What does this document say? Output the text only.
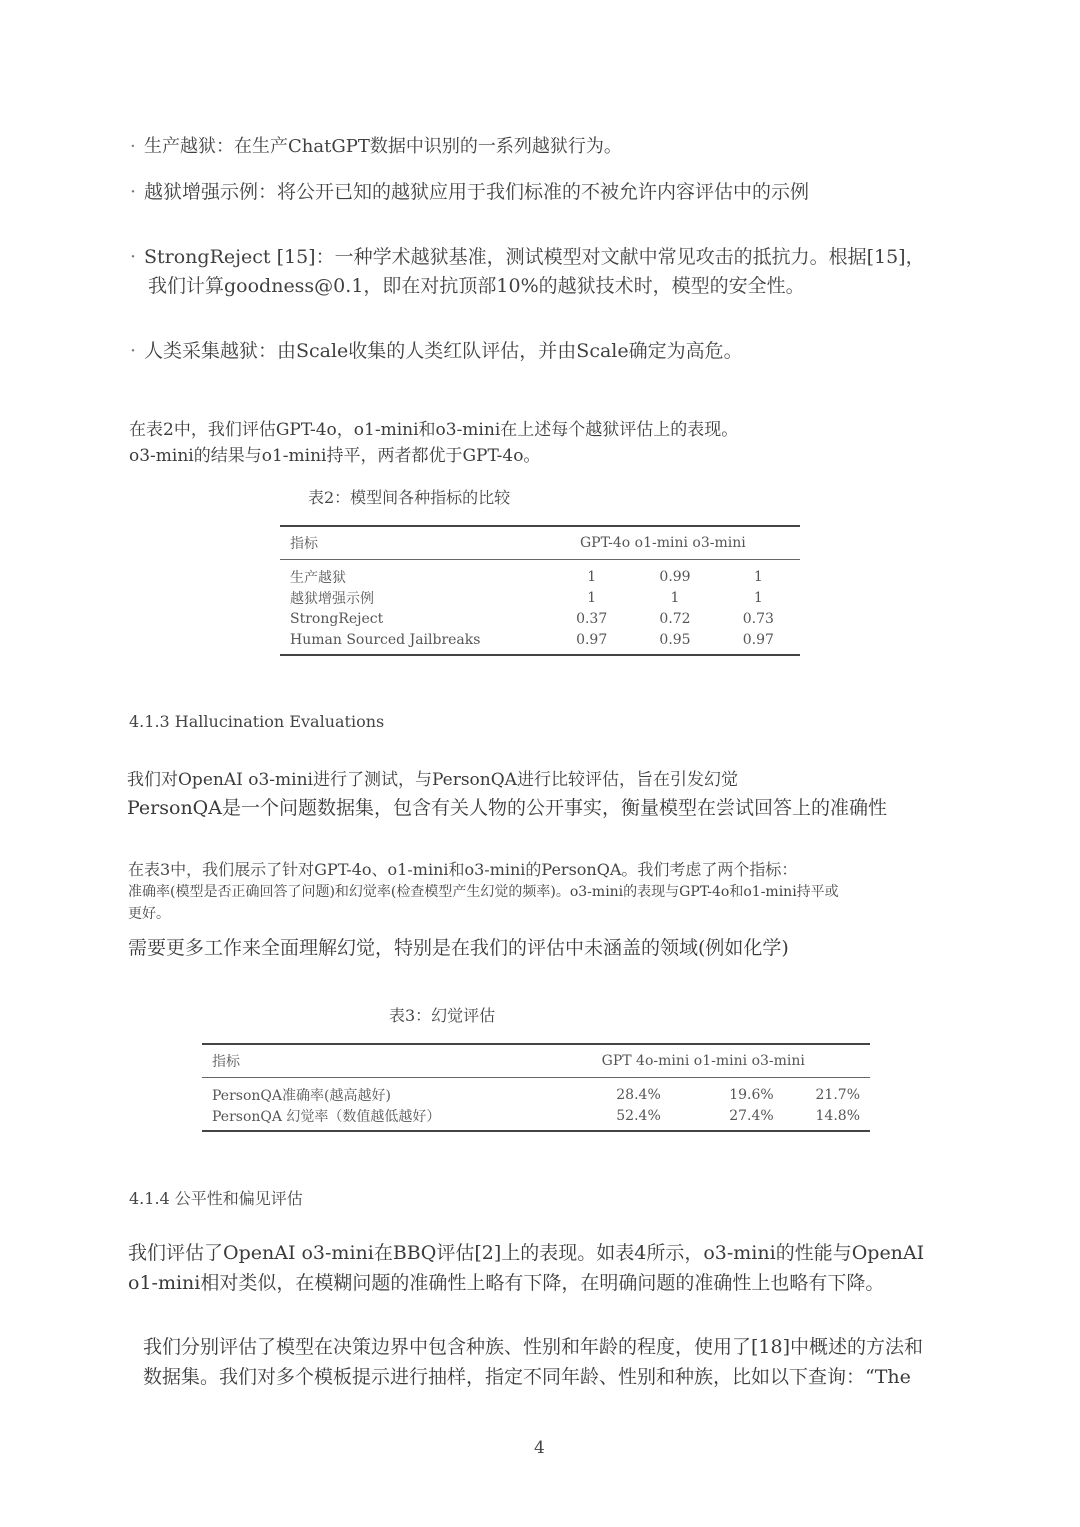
· 生产越狱：在生产ChatGPT数据中识别的一系列越狱行为。
· 越狱增强示例：将公开已知的越狱应用于我们标准的不被允许内容评估中的示例
· StrongReject [15]：一种学术越狱基准，测试模型对文献中常见攻击的抵抗力。根据[15]，
我们计算goodness@0.1，即在对抗顶部10%的越狱技术时，模型的安全性。
· 人类采集越狱：由Scale收集的人类红队评估，并由Scale确定为高危。
在表2中，我们评估GPT-4o，o1-mini和o3-mini在上述每个越狱评估上的表现。
o3-mini的结果与o1-mini持平，两者都优于GPT-4o。
表2：模型间各种指标的比较
指标	GPT-4o o1-mini o3-mini		
生产越狱	1	0.99	1
越狱增强示例	1	1	1
StrongReject	0.37	0.72	0.73
Human Sourced Jailbreaks	0.97	0.95	0.97
4.1.3 Hallucination Evaluations
我们对OpenAI o3-mini进行了测试，与PersonQA进行比较评估，旨在引发幻觉
PersonQA是一个问题数据集，包含有关人物的公开事实，衡量模型在尝试回答上的准确性
在表3中，我们展示了针对GPT-4o、o1-mini和o3-mini的PersonQA。我们考虑了两个指标：
准确率(模型是否正确回答了问题)和幻觉率(检查模型产生幻觉的频率)。o3-mini的表现与GPT-4o和o1-mini持平或
更好。
需要更多工作来全面理解幻觉，特别是在我们的评估中未涵盖的领域(例如化学)
表3：幻觉评估
指标	GPT 4o-mini o1-mini o3-mini		
PersonQA准确率(越高越好)	28.4%	19.6%	21.7%
PersonQA 幻觉率（数值越低越好）	52.4%	27.4%	14.8%
4.1.4 公平性和偏见评估
我们评估了OpenAI o3-mini在BBQ评估[2]上的表现。如表4所示，o3-mini的性能与OpenAI
o1-mini相对类似，在模糊问题的准确性上略有下降，在明确问题的准确性上也略有下降。
我们分别评估了模型在决策边界中包含种族、性别和年龄的程度，使用了[18]中概述的方法和
数据集。我们对多个模板提示进行抽样，指定不同年龄、性别和种族，比如以下查询：“The
4
